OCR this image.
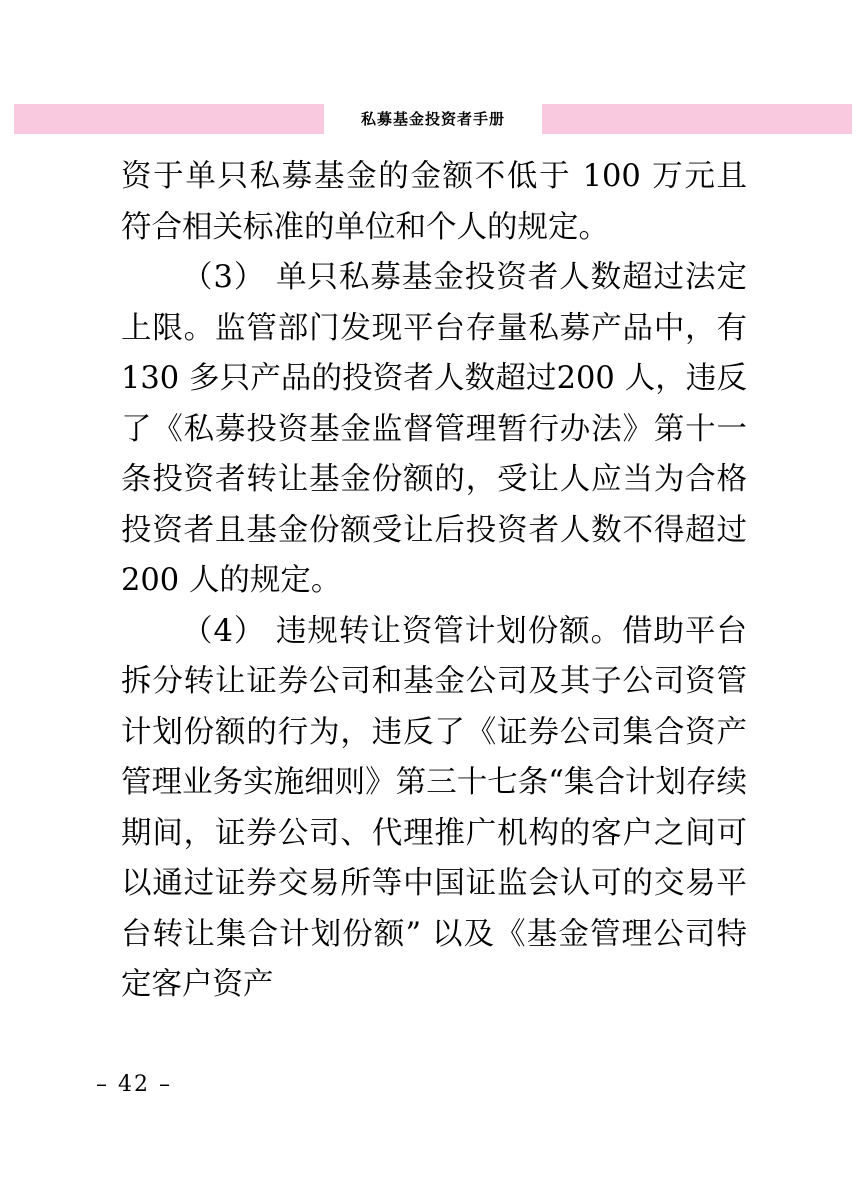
私募基金投资者手册

资于单只私募基金的金额不低于 100 万元且符合相关标准的单位和个人的规定。

（3） 单只私募基金投资者人数超过法定上限。监管部门发现平台存量私募产品中，有 130 多只产品的投资者人数超过200 人，违反了《私募投资基金监督管理暂行办法》第十一条投资者转让基金份额的，受让人应当为合格投资者且基金份额受让后投资者人数不得超过200 人的规定。

（4） 违规转让资管计划份额。借助平台拆分转让证券公司和基金公司及其子公司资管计划份额的行为，违反了《证券公司集合资产管理业务实施细则》第三十七条“集合计划存续期间，证券公司、代理推广机构的客户之间可以通过证券交易所等中国证监会认可的交易平台转让集合计划份额” 以及《基金管理公司特定客户资产

– 42 –
